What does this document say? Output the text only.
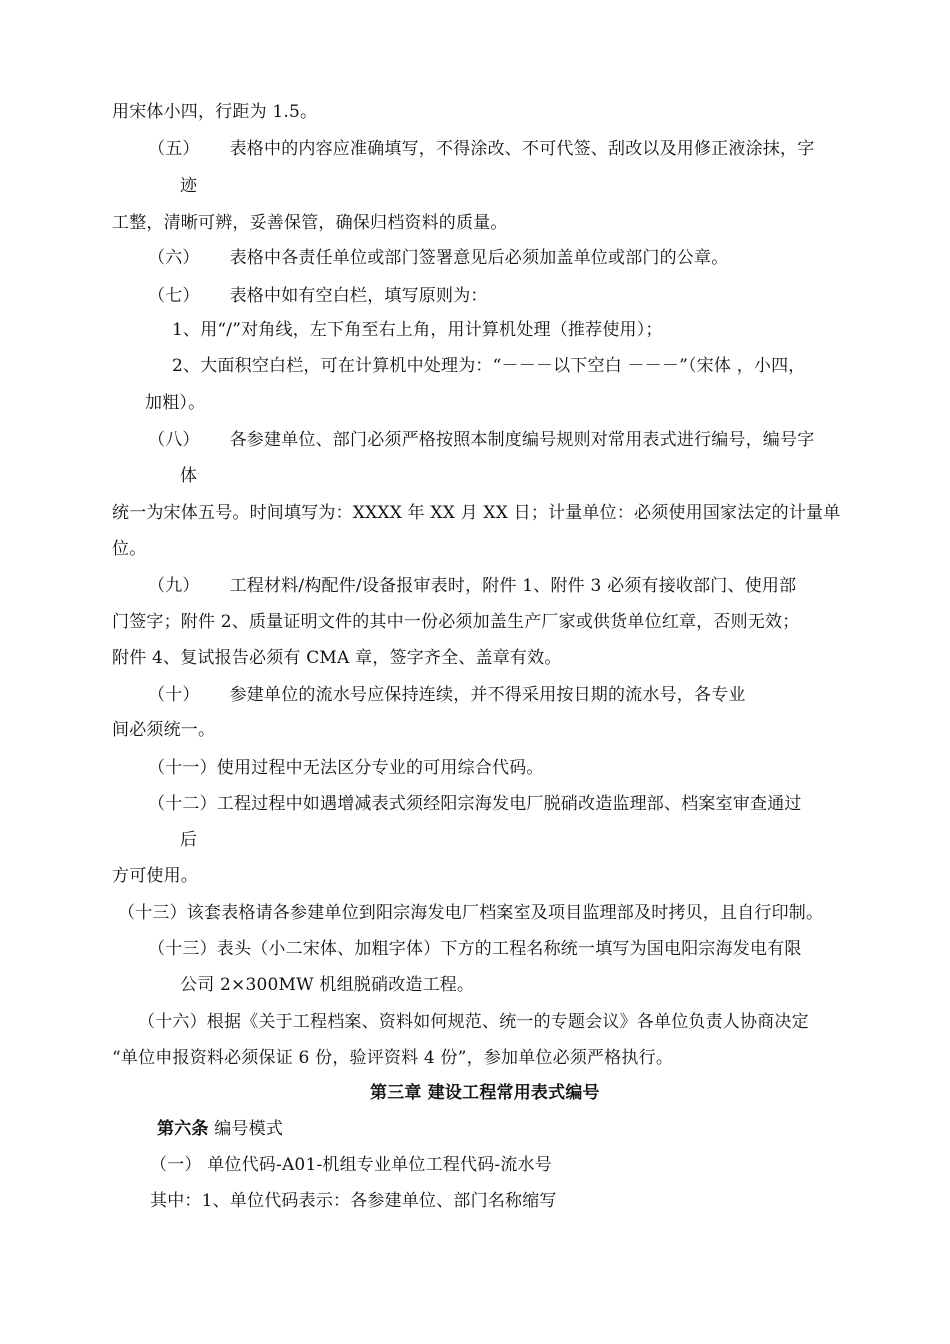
用宋体小四，行距为 1.5。
（五） 表格中的内容应准确填写，不得涂改、不可代签、刮改以及用修正液涂抹，字
迹
工整，清晰可辨，妥善保管，确保归档资料的质量。
（六） 表格中各责任单位或部门签署意见后必须加盖单位或部门的公章。
（七） 表格中如有空白栏，填写原则为：
1、用“/”对角线，左下角至右上角，用计算机处理（推荐使用）；
2、大面积空白栏，可在计算机中处理为：“－－－以下空白 －－－”（宋体 ，小四，
加粗）。
（八） 各参建单位、部门必须严格按照本制度编号规则对常用表式进行编号，编号字
体
统一为宋体五号。时间填写为：XXXX 年 XX 月 XX 日；计量单位：必须使用国家法定的计量单
位。
（九） 工程材料/构配件/设备报审表时，附件 1、附件 3 必须有接收部门、使用部
门签字；附件 2、质量证明文件的其中一份必须加盖生产厂家或供货单位红章，否则无效；
附件 4、复试报告必须有 CMA 章，签字齐全、盖章有效。
（十） 参建单位的流水号应保持连续，并不得采用按日期的流水号，各专业
间必须统一。
（十一）使用过程中无法区分专业的可用综合代码。
（十二）工程过程中如遇增减表式须经阳宗海发电厂脱硝改造监理部、档案室审查通过
后
方可使用。
（十三）该套表格请各参建单位到阳宗海发电厂档案室及项目监理部及时拷贝，且自行印制。
（十三）表头（小二宋体、加粗字体）下方的工程名称统一填写为国电阳宗海发电有限
公司 2×300MW 机组脱硝改造工程。
（十六）根据《关于工程档案、资料如何规范、统一的专题会议》各单位负责人协商决定
“单位申报资料必须保证 6 份，验评资料 4 份”，参加单位必须严格执行。
第三章 建设工程常用表式编号
第六条 编号模式
（一） 单位代码-A01-机组专业单位工程代码-流水号
其中：1、单位代码表示：各参建单位、部门名称缩写
